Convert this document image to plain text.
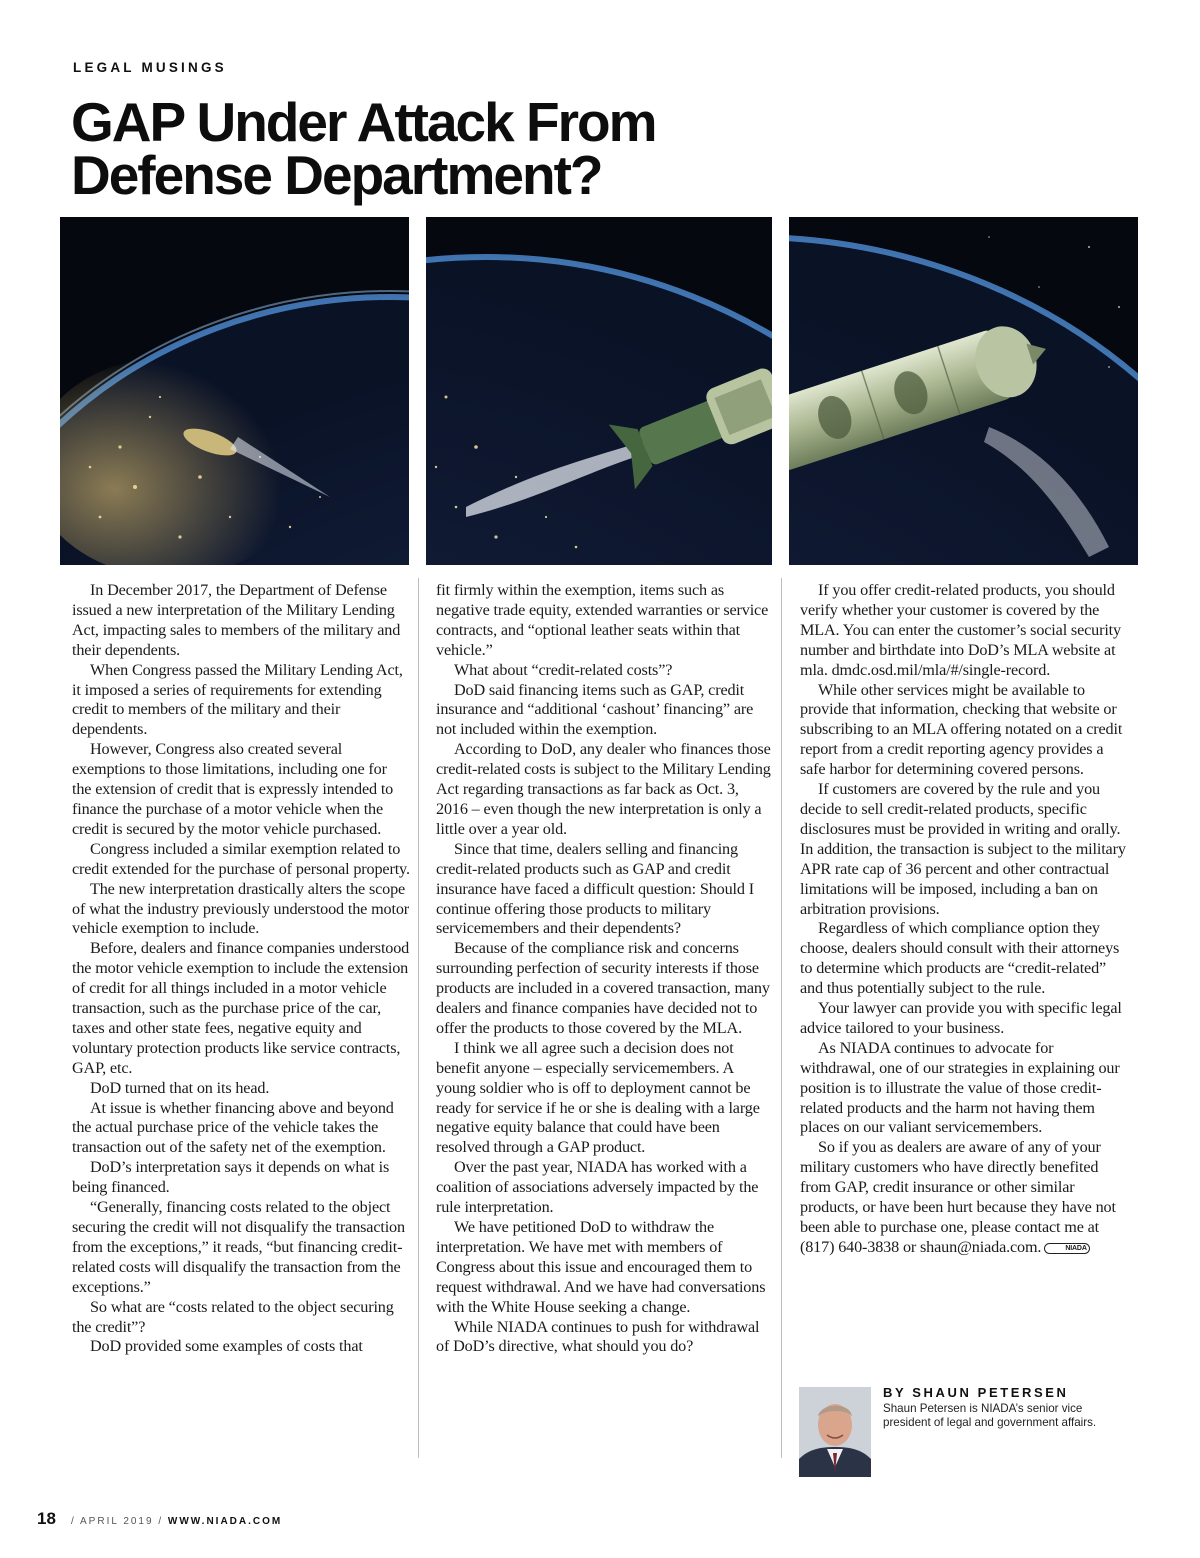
LEGAL MUSINGS
GAP Under Attack From
Defense Department?

In December 2017, the Department of Defense issued a new interpretation of the Military Lending Act, impacting sales to members of the military and their dependents.

When Congress passed the Military Lending Act, it imposed a series of requirements for extending credit to members of the military and their dependents.

However, Congress also created several exemptions to those limitations, including one for the extension of credit that is expressly intended to finance the purchase of a motor vehicle when the credit is secured by the motor vehicle purchased.

Congress included a similar exemption related to credit extended for the purchase of personal property.

The new interpretation drastically alters the scope of what the industry previously understood the motor vehicle exemption to include.

Before, dealers and finance companies understood the motor vehicle exemption to include the extension of credit for all things included in a motor vehicle transaction, such as the purchase price of the car, taxes and other state fees, negative equity and voluntary protection products like service contracts, GAP, etc.

DoD turned that on its head.

At issue is whether financing above and beyond the actual purchase price of the vehicle takes the transaction out of the safety net of the exemption.

DoD’s interpretation says it depends on what is being financed.

“Generally, financing costs related to the object securing the credit will not disqualify the transaction from the exceptions,” it reads, “but financing credit-related costs will disqualify the transaction from the exceptions.”

So what are “costs related to the object securing the credit”?

DoD provided some examples of costs that

fit firmly within the exemption, items such as negative trade equity, extended warranties or service contracts, and “optional leather seats within that vehicle.”

What about “credit-related costs”?

DoD said financing items such as GAP, credit insurance and “additional ‘cashout’ financing” are not included within the exemption.

According to DoD, any dealer who finances those credit-related costs is subject to the Military Lending Act regarding transactions as far back as Oct. 3, 2016 – even though the new interpretation is only a little over a year old.

Since that time, dealers selling and financing credit-related products such as GAP and credit insurance have faced a difficult question: Should I continue offering those products to military servicemembers and their dependents?

Because of the compliance risk and concerns surrounding perfection of security interests if those products are included in a covered transaction, many dealers and finance companies have decided not to offer the products to those covered by the MLA.

I think we all agree such a decision does not benefit anyone – especially servicemembers. A young soldier who is off to deployment cannot be ready for service if he or she is dealing with a large negative equity balance that could have been resolved through a GAP product.

Over the past year, NIADA has worked with a coalition of associations adversely impacted by the rule interpretation.

We have petitioned DoD to withdraw the interpretation. We have met with members of Congress about this issue and encouraged them to request withdrawal. And we have had conversations with the White House seeking a change.

While NIADA continues to push for withdrawal of DoD’s directive, what should you do?

If you offer credit-related products, you should verify whether your customer is covered by the MLA. You can enter the customer’s social security number and birthdate into DoD’s MLA website at mla. dmdc.osd.mil/mla/#/single-record.

While other services might be available to provide that information, checking that website or subscribing to an MLA offering notated on a credit report from a credit reporting agency provides a safe harbor for determining covered persons.

If customers are covered by the rule and you decide to sell credit-related products, specific disclosures must be provided in writing and orally. In addition, the transaction is subject to the military APR rate cap of 36 percent and other contractual limitations will be imposed, including a ban on arbitration provisions.

Regardless of which compliance option they choose, dealers should consult with their attorneys to determine which products are “credit-related” and thus potentially subject to the rule.

Your lawyer can provide you with specific legal advice tailored to your business.

As NIADA continues to advocate for withdrawal, one of our strategies in explaining our position is to illustrate the value of those credit-related products and the harm not having them places on our valiant servicemembers.

So if you as dealers are aware of any of your military customers who have directly benefited from GAP, credit insurance or other similar products, or have been hurt because they have not been able to purchase one, please contact me at (817) 640-3838 or shaun@niada.com.	NIADA

BY SHAUN PETERSEN
Shaun Petersen is NIADA’s senior vice president of legal and government affairs.
18 / APRIL 2019 / WWW.NIADA.COM
